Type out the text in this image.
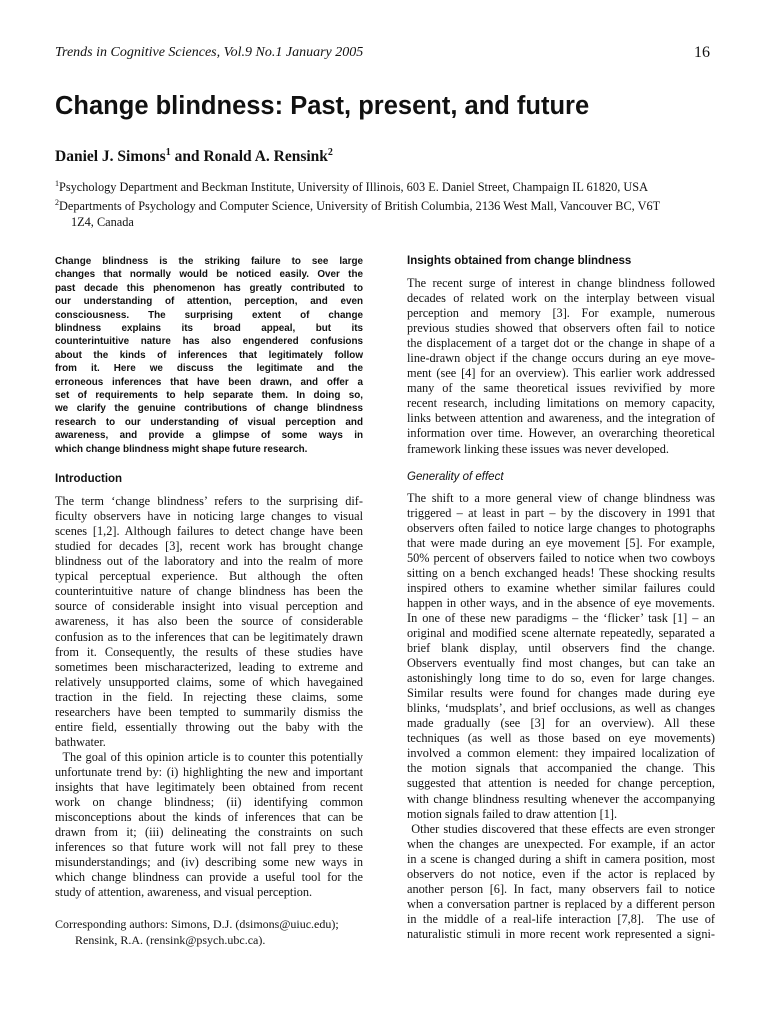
Trends in Cognitive Sciences, Vol.9 No.1 January 2005	16
Change blindness: Past, present, and future
Daniel J. Simons$^1$ and Ronald A. Rensink$^2$
$^1$Psychology Department and Beckman Institute, University of Illinois, 603 E. Daniel Street, Champaign IL 61820, USA
$^2$Departments of Psychology and Computer Science, University of British Columbia, 2136 West Mall, Vancouver BC, V6T
1Z4, Canada
Change blindness is the striking failure to see large
changes that normally would be noticed easily. Over the
past decade this phenomenon has greatly contributed to
our understanding of attention, perception, and even
consciousness. The surprising extent of change
blindness explains its broad appeal, but its
counterintuitive nature has also engendered confusions
about the kinds of inferences that legitimately follow
from it. Here we discuss the legitimate and the
erroneous inferences that have been drawn, and offer a
set of requirements to help separate them. In doing so,
we clarify the genuine contributions of change blindness
research to our understanding of visual perception and
awareness, and provide a glimpse of some ways in
which change blindness might shape future research.
Introduction
The term ‘change blindness’ refers to the surprising dif-
ficulty observers have in noticing large changes to visual
scenes [1,2]. Although failures to detect change have been
studied for decades [3], recent work has brought change
blindness out of the laboratory and into the realm of more
typical perceptual experience. But although the often
counterintuitive nature of change blindness has been the
source of considerable insight into visual perception and
awareness, it has also been the source of considerable
confusion as to the inferences that can be legitimately drawn
from it. Consequently, the results of these studies have
sometimes been mischaracterized, leading to extreme and
relatively unsupported claims, some of which havegained
traction in the field. In rejecting these claims, some
researchers have been tempted to summarily dismiss the
entire field, essentially throwing out the baby with the
bathwater.
The goal of this opinion article is to counter this potentially
unfortunate trend by: (i) highlighting the new and important
insights that have legitimately been obtained from recent
work on change blindness; (ii) identifying common
misconceptions about the kinds of inferences that can be
drawn from it; (iii) delineating the constraints on such
inferences so that future work will not fall prey to these
misunderstandings; and (iv) describing some new ways in
which change blindness can provide a useful tool for the
study of attention, awareness, and visual perception.
Corresponding authors: Simons, D.J. (dsimons@uiuc.edu);
Rensink, R.A. (rensink@psych.ubc.ca).
Insights obtained from change blindness
The recent surge of interest in change blindness followed
decades of related work on the interplay between visual
perception and memory [3]. For example, numerous
previous studies showed that observers often fail to notice
the displacement of a target dot or the change in shape of a
line-drawn object if the change occurs during an eye move-
ment (see [4] for an overview). This earlier work addressed
many of the same theoretical issues revivified by more
recent research, including limitations on memory capacity,
links between attention and awareness, and the integration of
information over time. However, an overarching theoretical
framework linking these issues was never developed.
Generality of effect
The shift to a more general view of change blindness was
triggered – at least in part – by the discovery in 1991 that
observers often failed to notice large changes to photographs
that were made during an eye movement [5]. For example,
50% percent of observers failed to notice when two cowboys
sitting on a bench exchanged heads! These shocking results
inspired others to examine whether similar failures could
happen in other ways, and in the absence of eye movements.
In one of these new paradigms – the ‘flicker’ task [1] – an
original and modified scene alternate repeatedly, separated a
brief blank display, until observers find the change.
Observers eventually find most changes, but can take an
astonishingly long time to do so, even for large changes.
Similar results were found for changes made during eye
blinks, ‘mudsplats’, and brief occlusions, as well as changes
made gradually (see [3] for an overview). All these
techniques (as well as those based on eye movements)
involved a common element: they impaired localization of
the motion signals that accompanied the change. This
suggested that attention is needed for change perception,
with change blindness resulting whenever the accompanying
motion signals failed to draw attention [1].
Other studies discovered that these effects are even stronger
when the changes are unexpected. For example, if an actor
in a scene is changed during a shift in camera position, most
observers do not notice, even if the actor is replaced by
another person [6]. In fact, many observers fail to notice
when a conversation partner is replaced by a different person
in the middle of a real-life interaction [7,8].  The use of
naturalistic stimuli in more recent work represented a signi-
